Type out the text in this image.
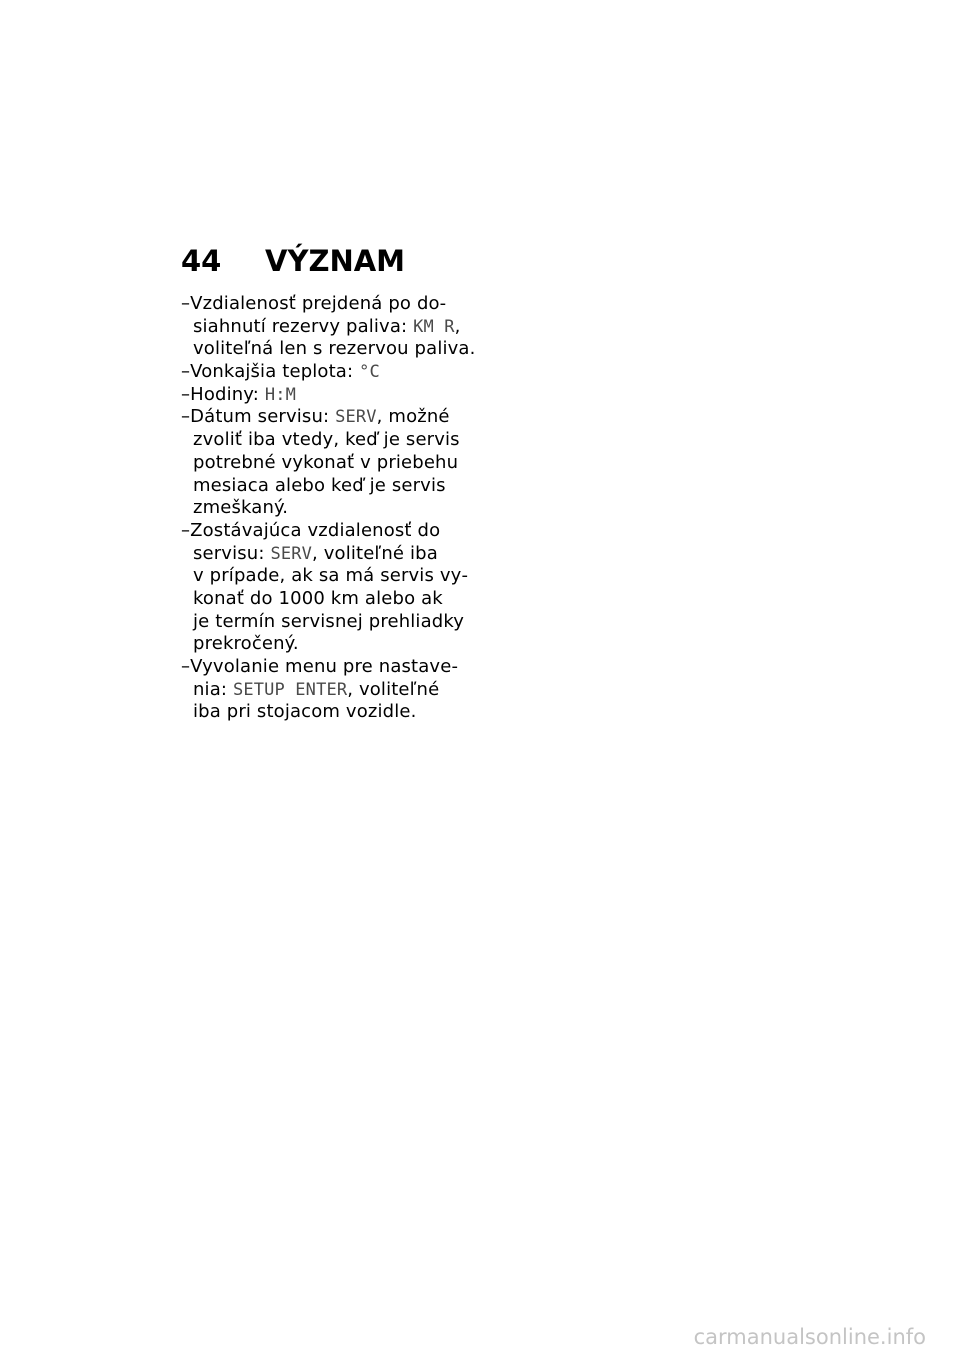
44 VÝZNAM
–Vzdialenosť prejdená po do‐
siahnutí rezervy paliva: KM R,
voliteľná len s rezervou paliva.
–Vonkajšia teplota: °C
–Hodiny: H:M
–Dátum servisu: SERV, možné
zvoliť iba vtedy, keď je servis
potrebné vykonať v priebehu
mesiaca alebo keď je servis
zmeškaný.
–Zostávajúca vzdialenosť do
servisu: SERV, voliteľné iba
v prípade, ak sa má servis vy‐
konať do 1000 km alebo ak
je termín servisnej prehliadky
prekročený.
–Vyvolanie menu pre nastave‐
nia: SETUP ENTER, voliteľné
iba pri stojacom vozidle.
carmanualsonline.info
